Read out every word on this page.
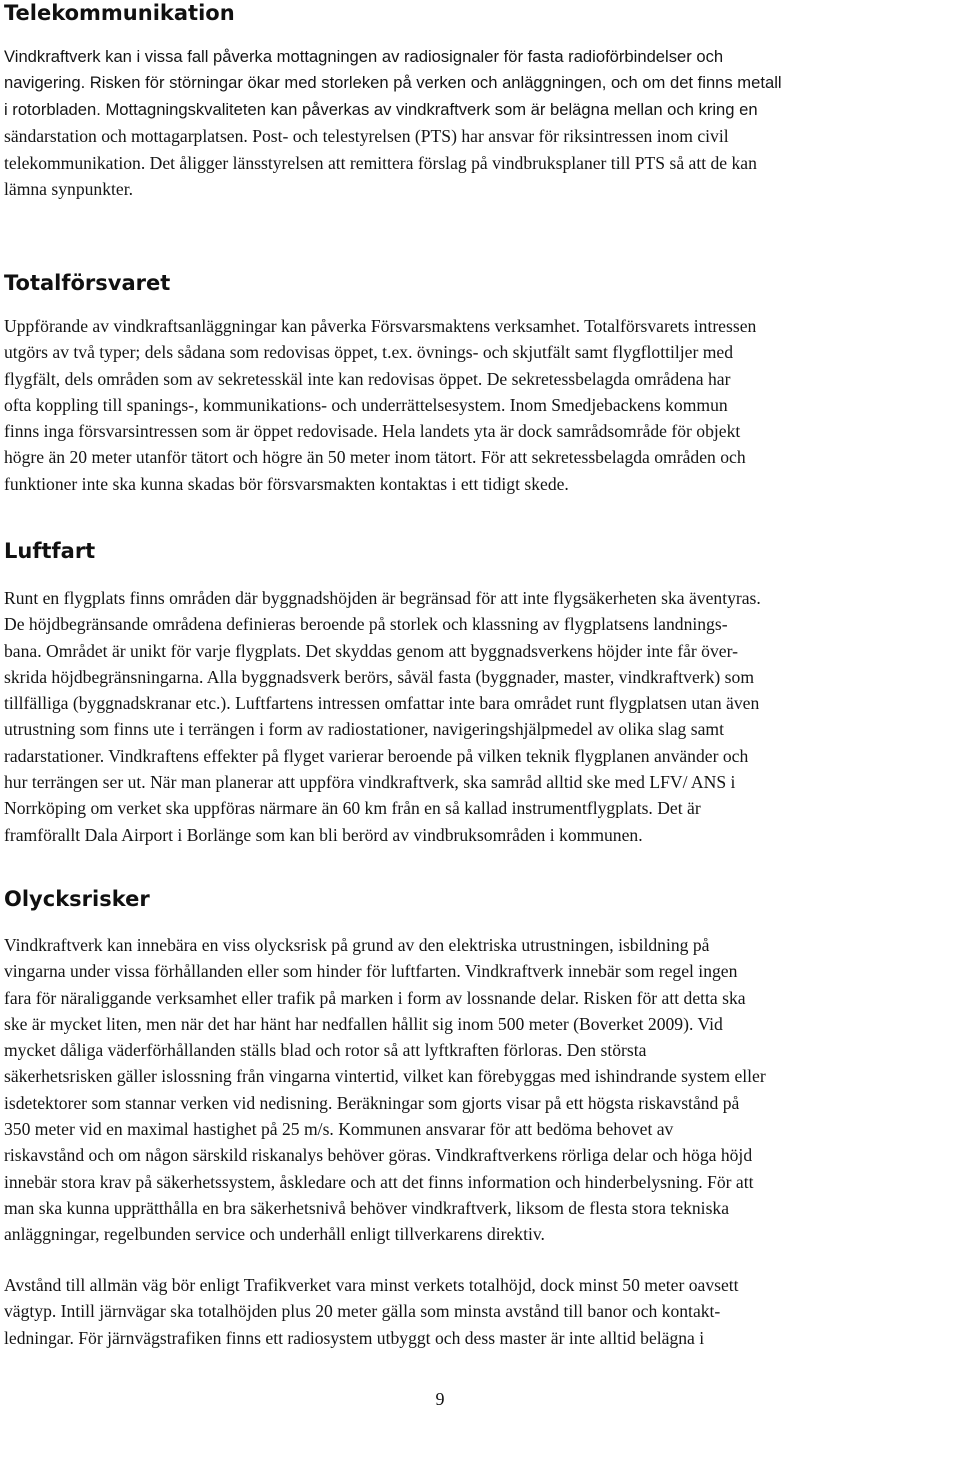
Telekommunikation

Vindkraftverk kan i vissa fall påverka mottagningen av radiosignaler för fasta radioförbindelser och
navigering. Risken för störningar ökar med storleken på verken och anläggningen, och om det finns metall
i rotorbladen. Mottagningskvaliteten kan påverkas av vindkraftverk som är belägna mellan och kring en
sändarstation och mottagarplatsen. Post- och telestyrelsen (PTS) har ansvar för riksintressen inom civil
telekommunikation. Det åligger länsstyrelsen att remittera förslag på vindbruksplaner till PTS så att de kan
lämna synpunkter.

Totalförsvaret

Uppförande av vindkraftsanläggningar kan påverka Försvarsmaktens verksamhet. Totalförsvarets intressen
utgörs av två typer; dels sådana som redovisas öppet, t.ex. övnings- och skjutfält samt flygflottiljer med
flygfält, dels områden som av sekretesskäl inte kan redovisas öppet. De sekretessbelagda områdena har
ofta koppling till spanings-, kommunikations- och underrättelsesystem. Inom Smedjebackens kommun
finns inga försvarsintressen som är öppet redovisade. Hela landets yta är dock samrådsområde för objekt
högre än 20 meter utanför tätort och högre än 50 meter inom tätort. För att sekretessbelagda områden och
funktioner inte ska kunna skadas bör försvarsmakten kontaktas i ett tidigt skede.

Luftfart

Runt en flygplats finns områden där byggnadshöjden är begränsad för att inte flygsäkerheten ska äventyras.
De höjdbegränsande områdena definieras beroende på storlek och klassning av flygplatsens landnings-
bana. Området är unikt för varje flygplats. Det skyddas genom att byggnadsverkens höjder inte får över-
skrida höjdbegränsningarna. Alla byggnadsverk berörs, såväl fasta (byggnader, master, vindkraftverk) som
tillfälliga (byggnadskranar etc.). Luftfartens intressen omfattar inte bara området runt flygplatsen utan även
utrustning som finns ute i terrängen i form av radiostationer, navigeringshjälpmedel av olika slag samt
radarstationer. Vindkraftens effekter på flyget varierar beroende på vilken teknik flygplanen använder och
hur terrängen ser ut. När man planerar att uppföra vindkraftverk, ska samråd alltid ske med LFV/ ANS i
Norrköping om verket ska uppföras närmare än 60 km från en så kallad instrumentflygplats. Det är
framförallt Dala Airport i Borlänge som kan bli berörd av vindbruksområden i kommunen.

Olycksrisker

Vindkraftverk kan innebära en viss olycksrisk på grund av den elektriska utrustningen, isbildning på
vingarna under vissa förhållanden eller som hinder för luftfarten. Vindkraftverk innebär som regel ingen
fara för näraliggande verksamhet eller trafik på marken i form av lossnande delar. Risken för att detta ska
ske är mycket liten, men när det har hänt har nedfallen hållit sig inom 500 meter (Boverket 2009). Vid
mycket dåliga väderförhållanden ställs blad och rotor så att lyftkraften förloras. Den största
säkerhetsrisken gäller islossning från vingarna vintertid, vilket kan förebyggas med ishindrande system eller
isdetektorer som stannar verken vid nedisning. Beräkningar som gjorts visar på ett högsta riskavstånd på
350 meter vid en maximal hastighet på 25 m/s. Kommunen ansvarar för att bedöma behovet av
riskavstånd och om någon särskild riskanalys behöver göras. Vindkraftverkens rörliga delar och höga höjd
innebär stora krav på säkerhetssystem, åskledare och att det finns information och hinderbelysning. För att
man ska kunna upprätthålla en bra säkerhetsnivå behöver vindkraftverk, liksom de flesta stora tekniska
anläggningar, regelbunden service och underhåll enligt tillverkarens direktiv.

Avstånd till allmän väg bör enligt Trafikverket vara minst verkets totalhöjd, dock minst 50 meter oavsett
vägtyp. Intill järnvägar ska totalhöjden plus 20 meter gälla som minsta avstånd till banor och kontakt-
ledningar. För järnvägstrafiken finns ett radiosystem utbyggt och dess master är inte alltid belägna i

9
